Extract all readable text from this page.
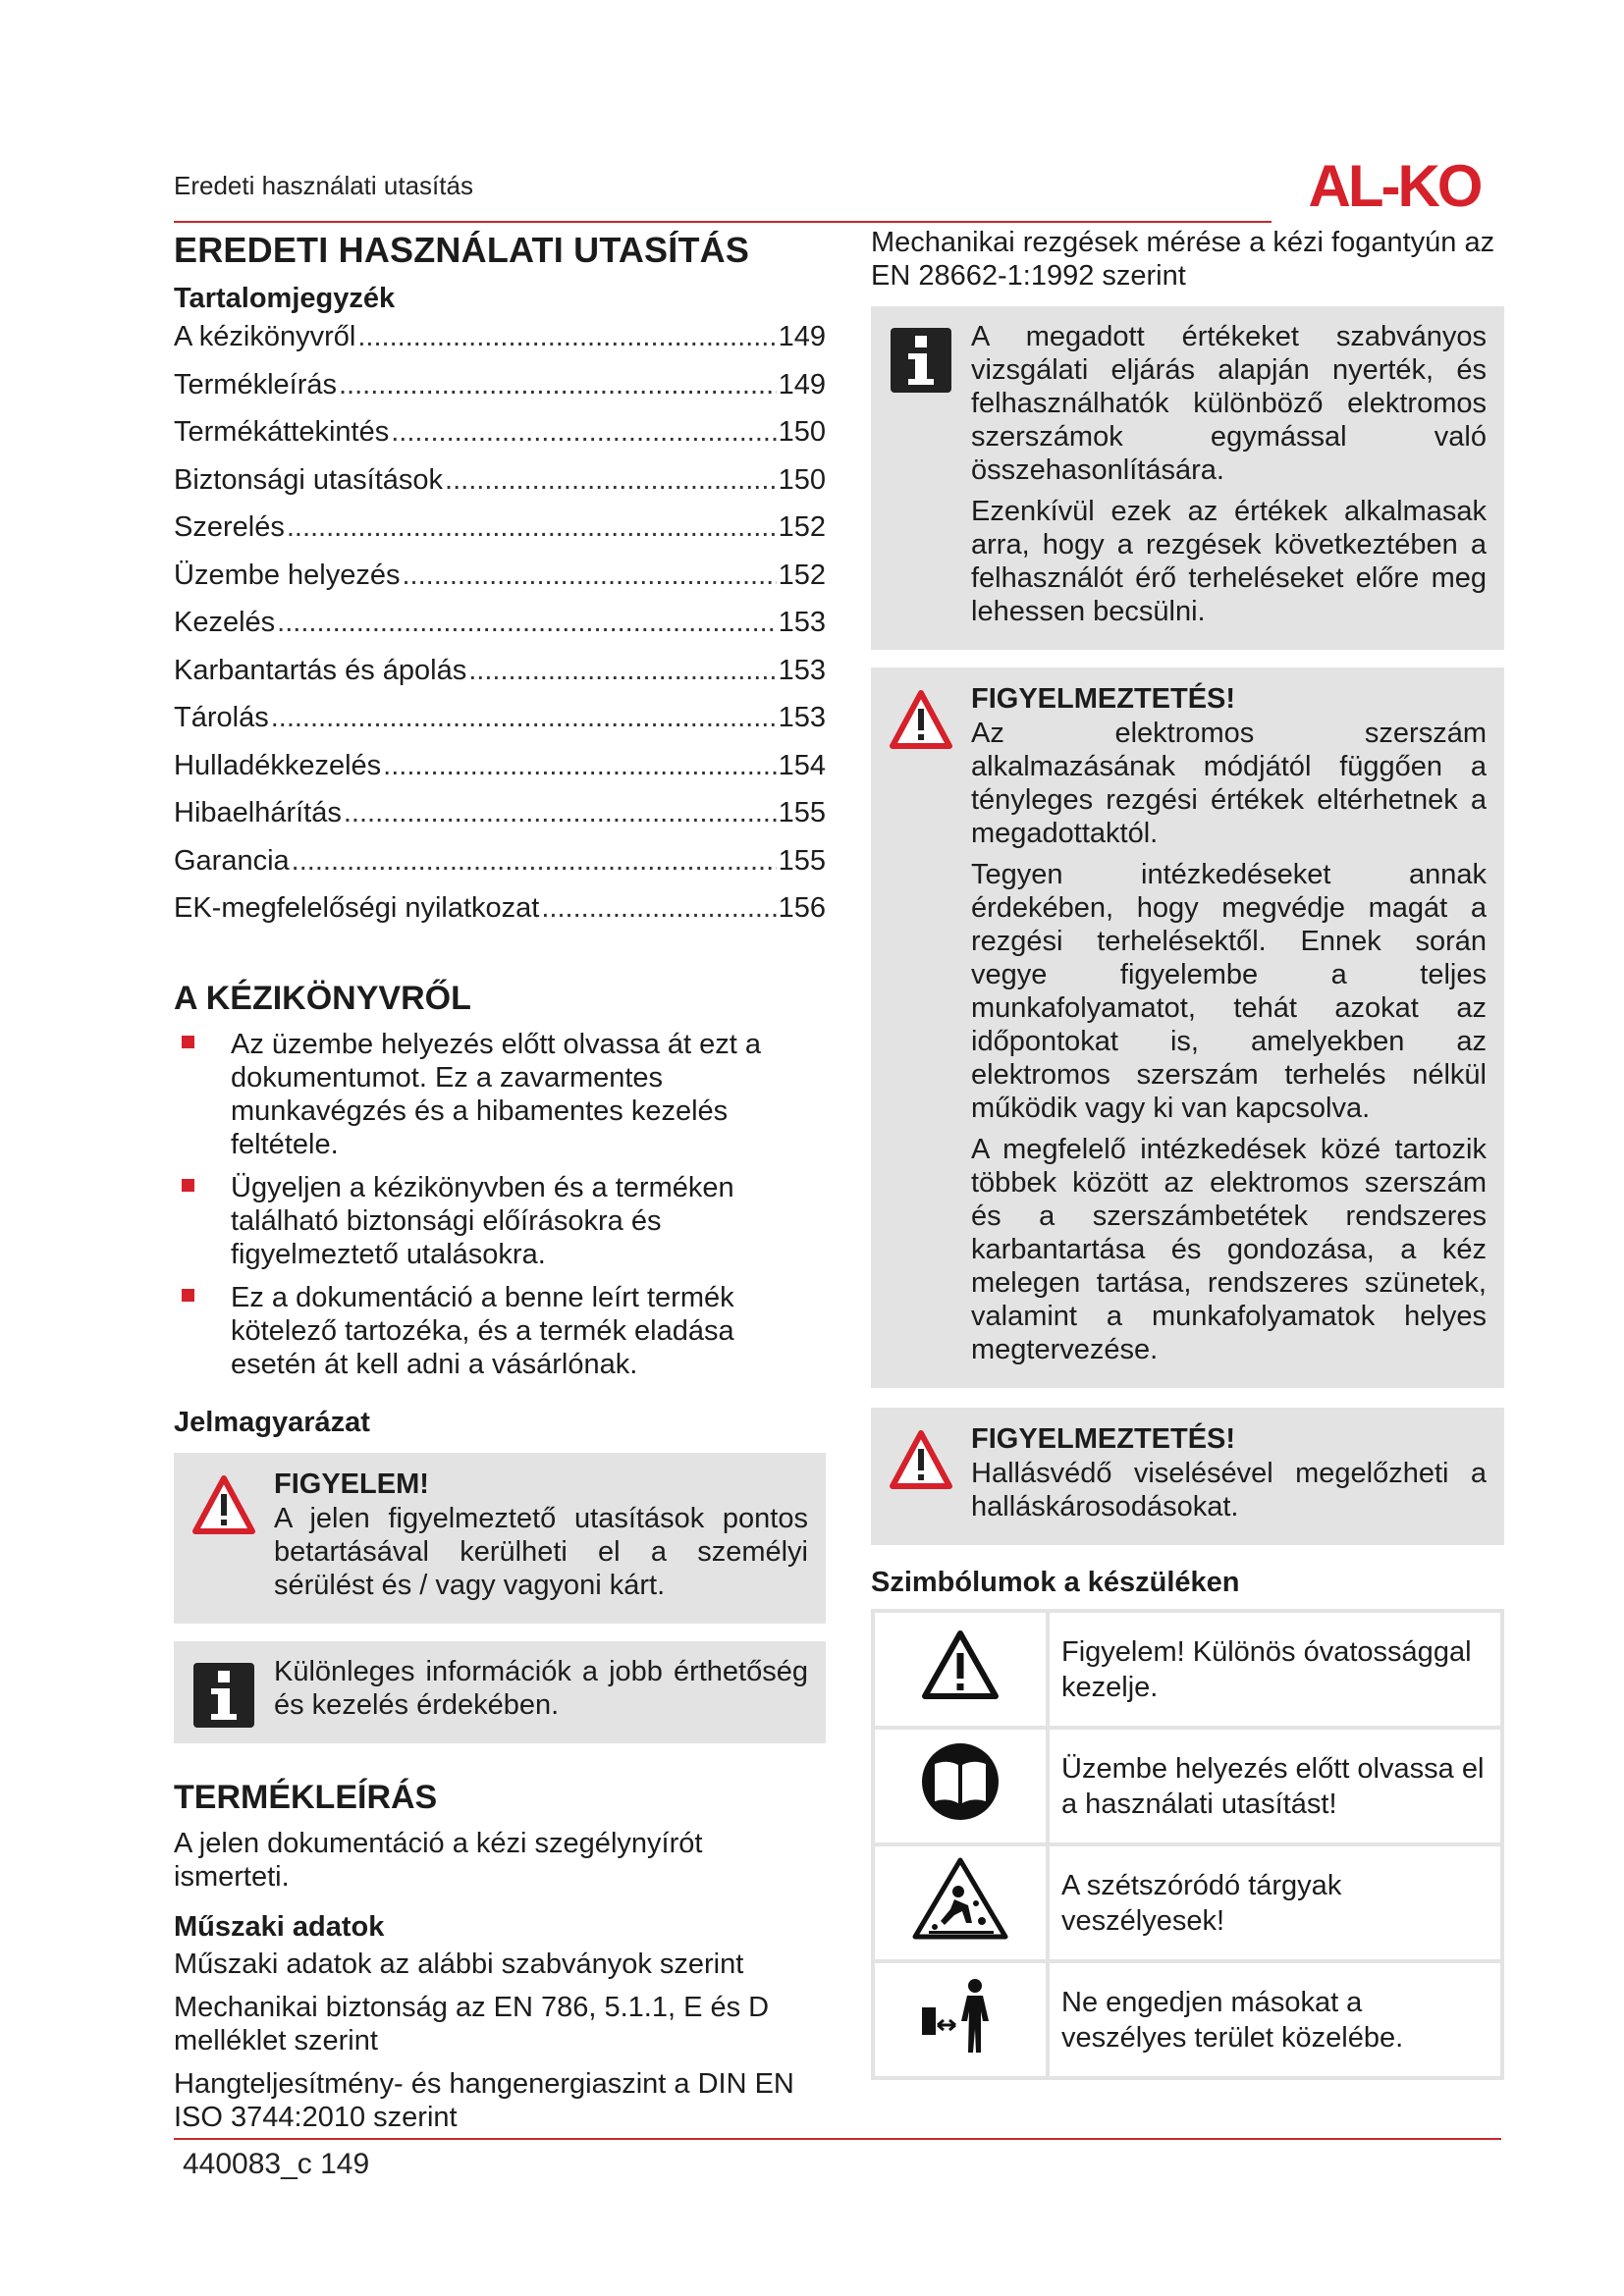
Eredeti használati utasítás	AL-KO
EREDETI HASZNÁLATI UTASÍTÁS
Tartalomjegyzék
A kézikönyvről .....	149
Termékleírás .....	149
Termékáttekintés .....	150
Biztonsági utasítások .....	150
Szerelés .....	152
Üzembe helyezés .....	152
Kezelés .....	153
Karbantartás és ápolás .....	153
Tárolás .....	153
Hulladékkezelés .....	154
Hibaelhárítás .....	155
Garancia .....	155
EK-megfelelőségi nyilatkozat .....	156
A KÉZIKÖNYVRŐL
Az üzembe helyezés előtt olvassa át ezt a dokumentumot. Ez a zavarmentes munkavégzés és a hibamentes kezelés feltétele.
Ügyeljen a kézikönyvben és a terméken található biztonsági előírásokra és figyelmeztető utalásokra.
Ez a dokumentáció a benne leírt termék kötelező tartozéka, és a termék eladása esetén át kell adni a vásárlónak.
Jelmagyarázat
FIGYELEM!

A jelen figyelmeztető utasítások pontos betartásával kerülheti el a személyi sérülést és / vagy vagyoni kárt.

Különleges információk a jobb érthetőség és kezelés érdekében.

TERMÉKLEÍRÁS

A jelen dokumentáció a kézi szegélynyírót ismerteti.

Műszaki adatok

Műszaki adatok az alábbi szabványok szerint

Mechanikai biztonság az EN 786, 5.1.1, E és D melléklet szerint

Hangteljesítmény- és hangenergiaszint a DIN EN ISO 3744:2010 szerint

Mechanikai rezgések mérése a kézi fogantyún az EN 28662-1:1992 szerint

A megadott értékeket szabványos vizsgálati eljárás alapján nyerték, és felhasználhatók különböző elektromos szerszámok egymással való összehasonlítására.

Ezenkívül ezek az értékek alkalmasak arra, hogy a rezgések következtében a felhasználót érő terheléseket előre meg lehessen becsülni.

FIGYELMEZTETÉS!

Az elektromos szerszám alkalmazásának módjától függően a tényleges rezgési értékek eltérhetnek a megadottaktól.

Tegyen intézkedéseket annak érdekében, hogy megvédje magát a rezgési terhelésektől. Ennek során vegye figyelembe a teljes munkafolyamatot, tehát azokat az időpontokat is, amelyekben az elektromos szerszám terhelés nélkül működik vagy ki van kapcsolva.

A megfelelő intézkedések közé tartozik többek között az elektromos szerszám és a szerszámbetétek rendszeres karbantartása és gondozása, a kéz melegen tartása, rendszeres szünetek, valamint a munkafolyamatok helyes megtervezése.

FIGYELMEZTETÉS!

Hallásvédő viselésével megelőzheti a halláskárosodásokat.

Szimbólumok a készüléken
	Figyelem! Különös óvatossággal kezelje.
	Üzembe helyezés előtt olvassa el a használati utasítást!
	A szétszóródó tárgyak veszélyesek!
	Ne engedjen másokat a veszélyes terület közelébe.
440083_c 149
